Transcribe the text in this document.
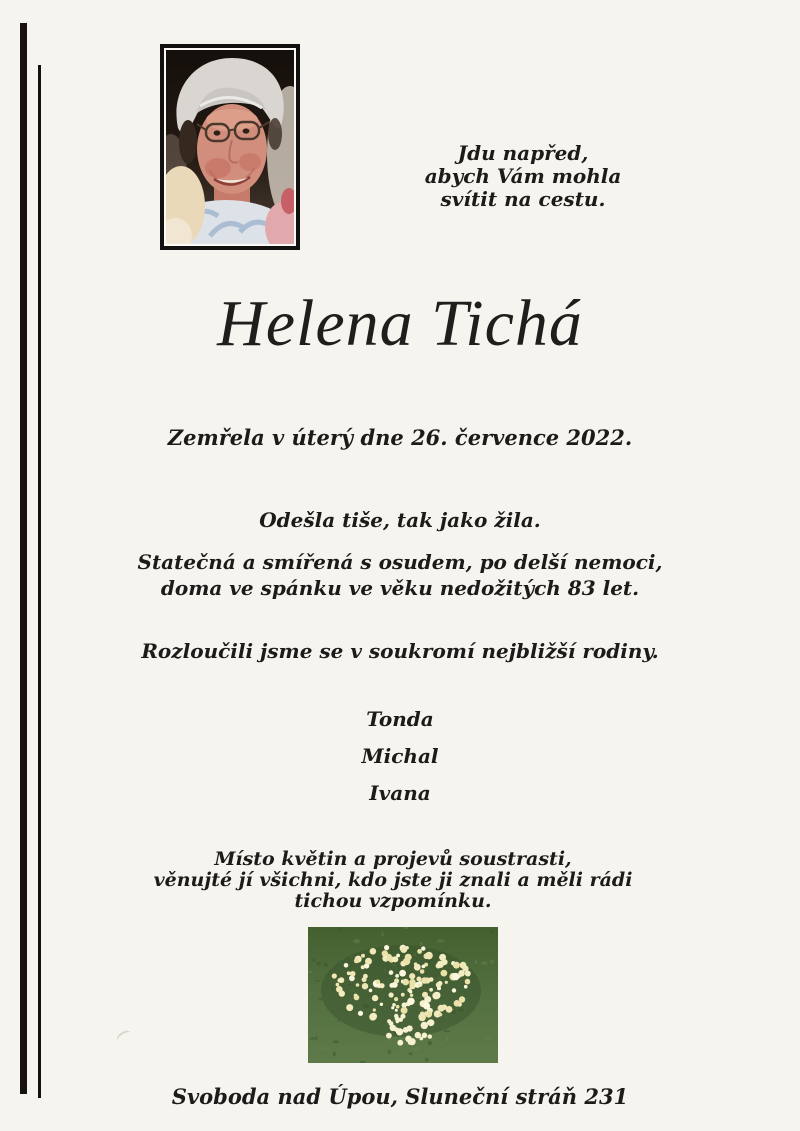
Jdu napřed,
abych Vám mohla
svítit na cestu.
Helena Tichá
Zemřela v úterý dne 26. července 2022.
Odešla tiše, tak jako žila.
Statečná a smířená s osudem, po delší nemoci,
doma ve spánku ve věku nedožitých 83 let.
Rozloučili jsme se v soukromí nejbližší rodiny.
Tonda
Michal
Ivana
Místo květin a projevů soustrasti,
věnujté jí všichni, kdo jste ji znali a měli rádi
tichou vzpomínku.
Svoboda nad Úpou, Sluneční stráň 231
